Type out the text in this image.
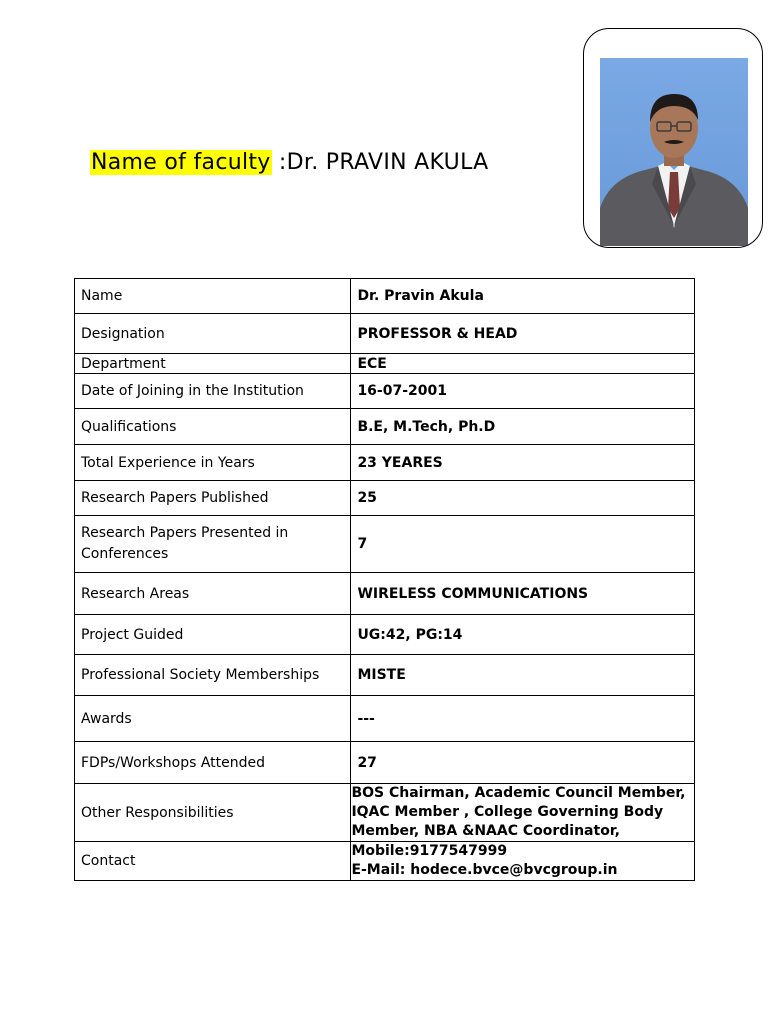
Name of faculty :Dr. PRAVIN AKULA
Name	Dr. Pravin Akula
Designation	PROFESSOR & HEAD
Department	ECE
Date of Joining in the Institution	16-07-2001
Qualifications	B.E, M.Tech, Ph.D
Total Experience in Years	23 YEARES
Research Papers Published	25
Research Papers Presented in Conferences	7
Research Areas	WIRELESS COMMUNICATIONS
Project Guided	UG:42, PG:14
Professional Society Memberships	MISTE
Awards	---
FDPs/Workshops Attended	27
Other Responsibilities	BOS Chairman, Academic Council Member, IQAC Member , College Governing Body Member, NBA &NAAC Coordinator,
Contact	Mobile:9177547999
E-Mail: hodece.bvce@bvcgroup.in
